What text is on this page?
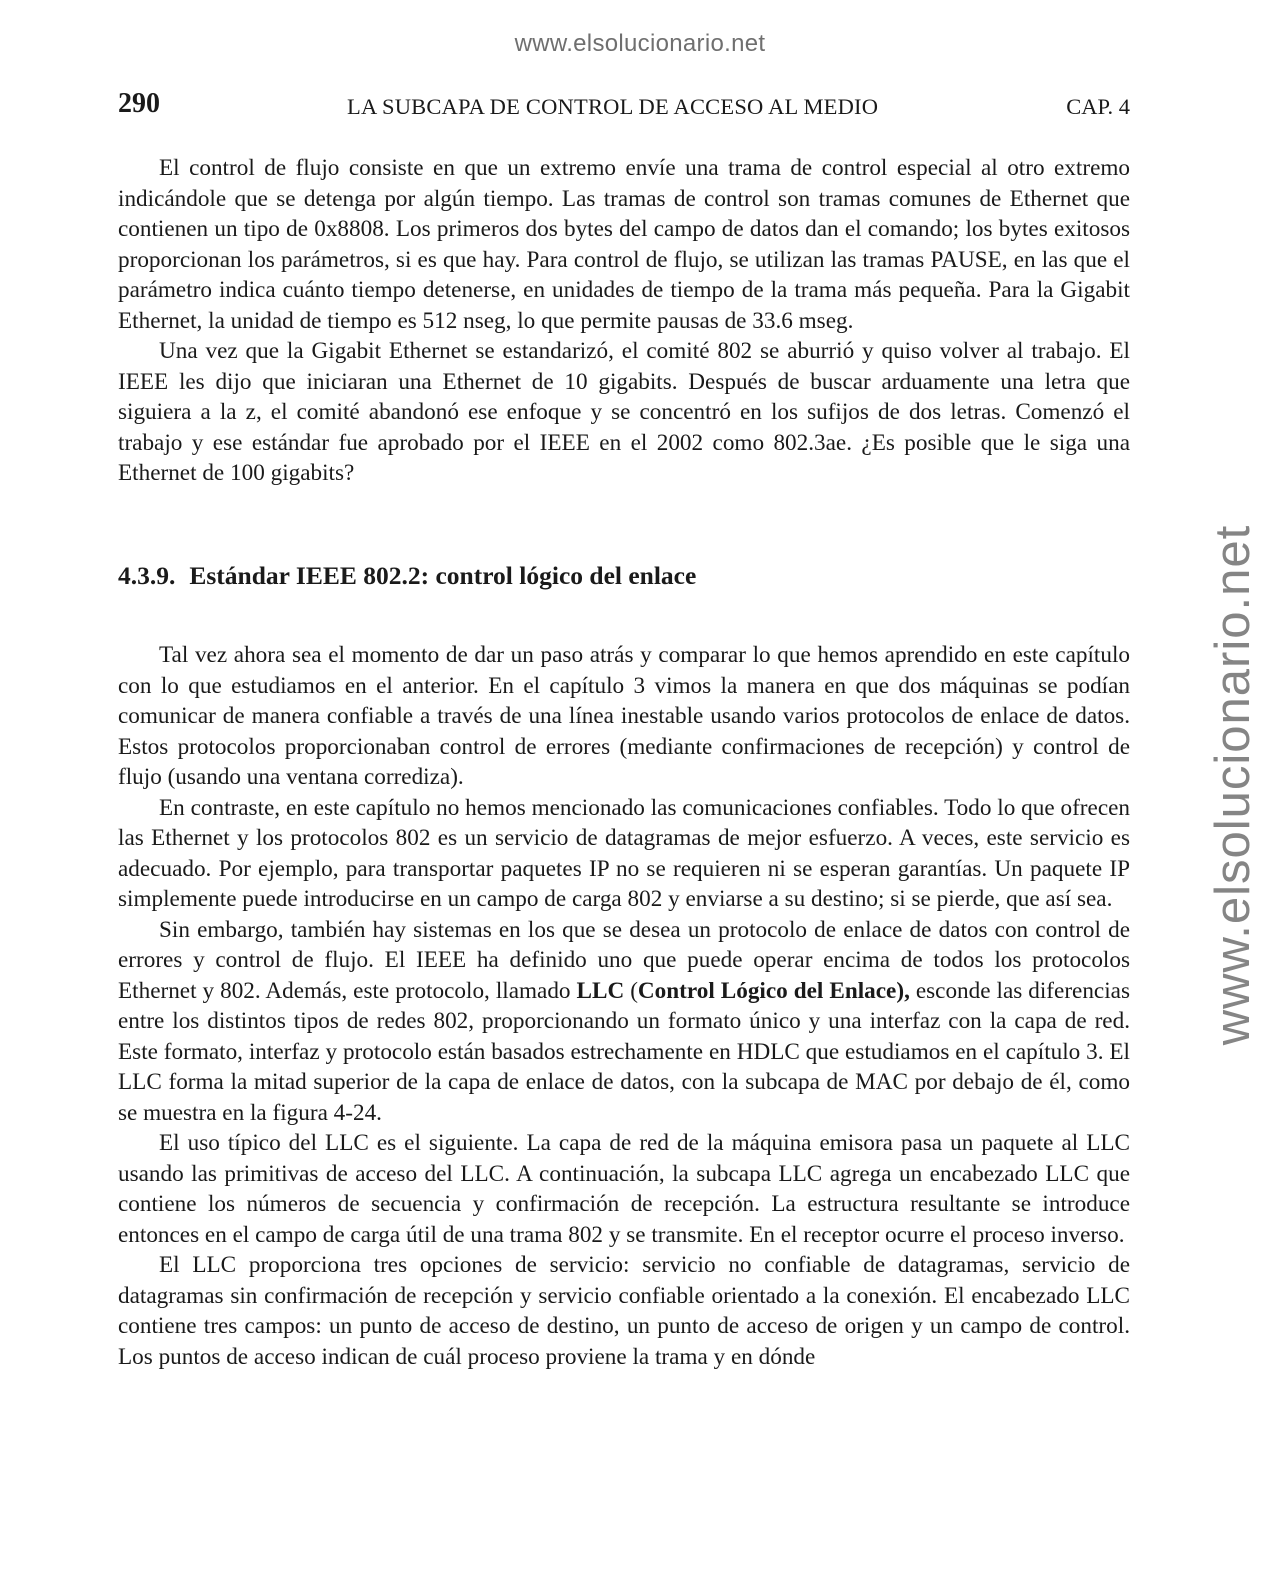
www.elsolucionario.net
www.elsolucionario.net
290	LA SUBCAPA DE CONTROL DE ACCESO AL MEDIO	CAP. 4

El control de flujo consiste en que un extremo envíe una trama de control especial al otro extremo indicándole que se detenga por algún tiempo. Las tramas de control son tramas comunes de Ethernet que contienen un tipo de 0x8808. Los primeros dos bytes del campo de datos dan el comando; los bytes exitosos proporcionan los parámetros, si es que hay. Para control de flujo, se utilizan las tramas PAUSE, en las que el parámetro indica cuánto tiempo detenerse, en unidades de tiempo de la trama más pequeña. Para la Gigabit Ethernet, la unidad de tiempo es 512 nseg, lo que permite pausas de 33.6 mseg.

Una vez que la Gigabit Ethernet se estandarizó, el comité 802 se aburrió y quiso volver al trabajo. El IEEE les dijo que iniciaran una Ethernet de 10 gigabits. Después de buscar arduamente una letra que siguiera a la z, el comité abandonó ese enfoque y se concentró en los sufijos de dos letras. Comenzó el trabajo y ese estándar fue aprobado por el IEEE en el 2002 como 802.3ae. ¿Es posible que le siga una Ethernet de 100 gigabits?

4.3.9. Estándar IEEE 802.2: control lógico del enlace

Tal vez ahora sea el momento de dar un paso atrás y comparar lo que hemos aprendido en este capítulo con lo que estudiamos en el anterior. En el capítulo 3 vimos la manera en que dos máquinas se podían comunicar de manera confiable a través de una línea inestable usando varios protocolos de enlace de datos. Estos protocolos proporcionaban control de errores (mediante confirmaciones de recepción) y control de flujo (usando una ventana corrediza).

En contraste, en este capítulo no hemos mencionado las comunicaciones confiables. Todo lo que ofrecen las Ethernet y los protocolos 802 es un servicio de datagramas de mejor esfuerzo. A veces, este servicio es adecuado. Por ejemplo, para transportar paquetes IP no se requieren ni se esperan garantías. Un paquete IP simplemente puede introducirse en un campo de carga 802 y enviarse a su destino; si se pierde, que así sea.

Sin embargo, también hay sistemas en los que se desea un protocolo de enlace de datos con control de errores y control de flujo. El IEEE ha definido uno que puede operar encima de todos los protocolos Ethernet y 802. Además, este protocolo, llamado LLC (Control Lógico del Enlace), esconde las diferencias entre los distintos tipos de redes 802, proporcionando un formato único y una interfaz con la capa de red. Este formato, interfaz y protocolo están basados estrechamente en HDLC que estudiamos en el capítulo 3. El LLC forma la mitad superior de la capa de enlace de datos, con la subcapa de MAC por debajo de él, como se muestra en la figura 4-24.

El uso típico del LLC es el siguiente. La capa de red de la máquina emisora pasa un paquete al LLC usando las primitivas de acceso del LLC. A continuación, la subcapa LLC agrega un encabezado LLC que contiene los números de secuencia y confirmación de recepción. La estructura resultante se introduce entonces en el campo de carga útil de una trama 802 y se transmite. En el receptor ocurre el proceso inverso.

El LLC proporciona tres opciones de servicio: servicio no confiable de datagramas, servicio de datagramas sin confirmación de recepción y servicio confiable orientado a la conexión. El encabezado LLC contiene tres campos: un punto de acceso de destino, un punto de acceso de origen y un campo de control. Los puntos de acceso indican de cuál proceso proviene la trama y en dónde
